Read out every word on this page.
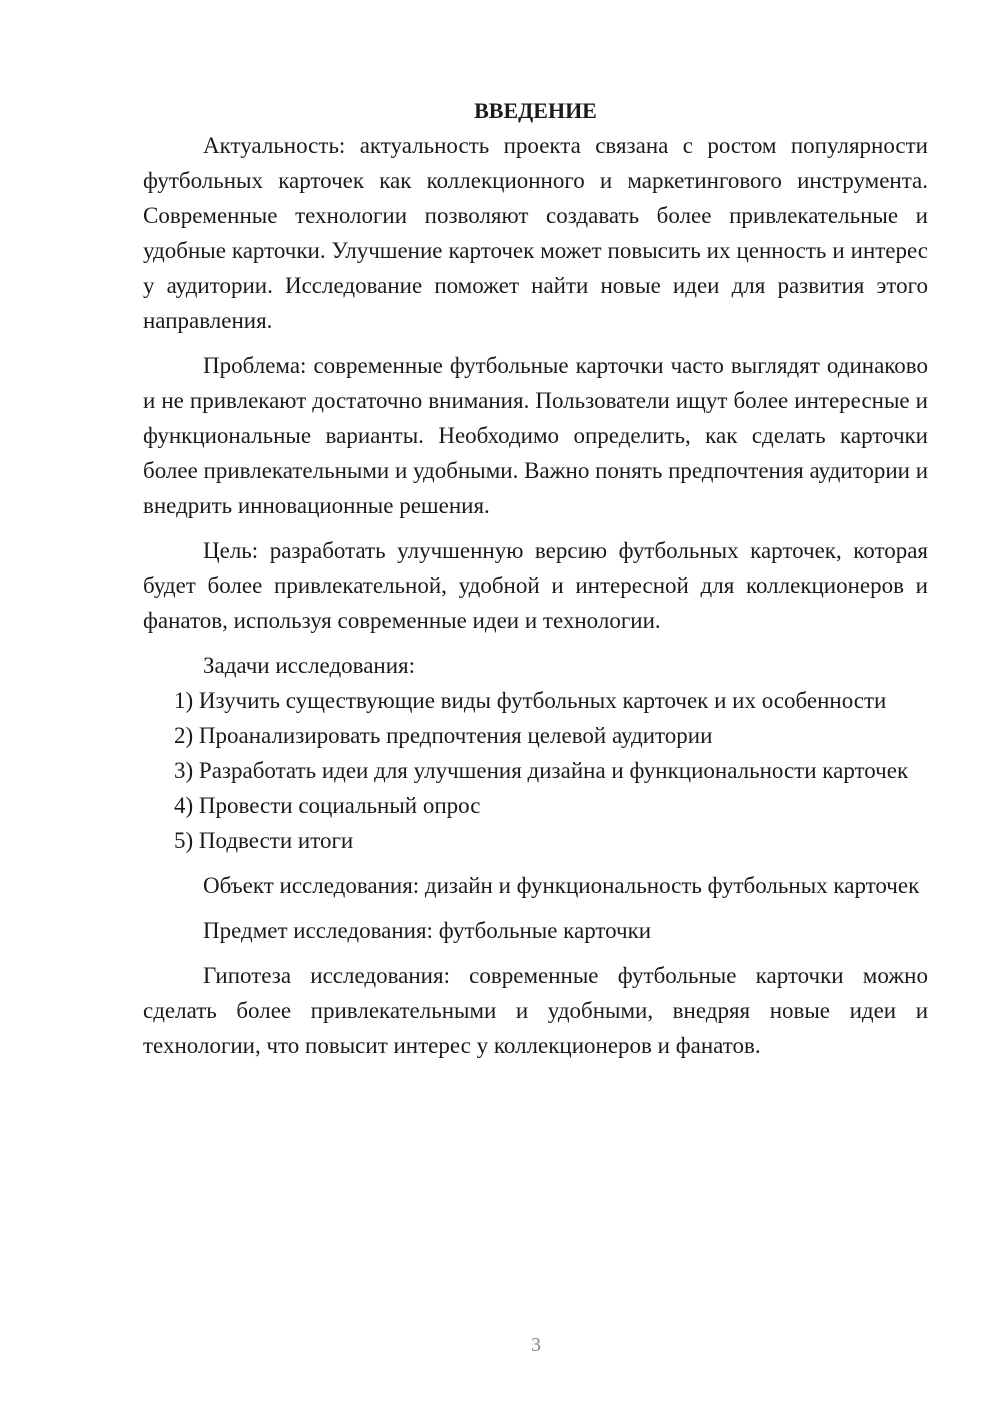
ВВЕДЕНИЕ

Актуальность: актуальность проекта связана с ростом популярности футбольных карточек как коллекционного и маркетингового инструмента. Современные технологии позволяют создавать более привлекательные и удобные карточки. Улучшение карточек может повысить их ценность и интерес у аудитории. Исследование поможет найти новые идеи для развития этого направления.

Проблема: современные футбольные карточки часто выглядят одинаково и не привлекают достаточно внимания. Пользователи ищут более интересные и функциональные варианты. Необходимо определить, как сделать карточки более привлекательными и удобными. Важно понять предпочтения аудитории и внедрить инновационные решения.

Цель: разработать улучшенную версию футбольных карточек, которая будет более привлекательной, удобной и интересной для коллекционеров и фанатов, используя современные идеи и технологии.

Задачи исследования:

1) Изучить существующие виды футбольных карточек и их особенности

2) Проанализировать предпочтения целевой аудитории

3) Разработать идеи для улучшения дизайна и функциональности карточек

4) Провести социальный опрос

5) Подвести итоги

Объект исследования: дизайн и функциональность футбольных карточек

Предмет исследования: футбольные карточки

Гипотеза исследования: современные футбольные карточки можно сделать более привлекательными и удобными, внедряя новые идеи и технологии, что повысит интерес у коллекционеров и фанатов.

3
